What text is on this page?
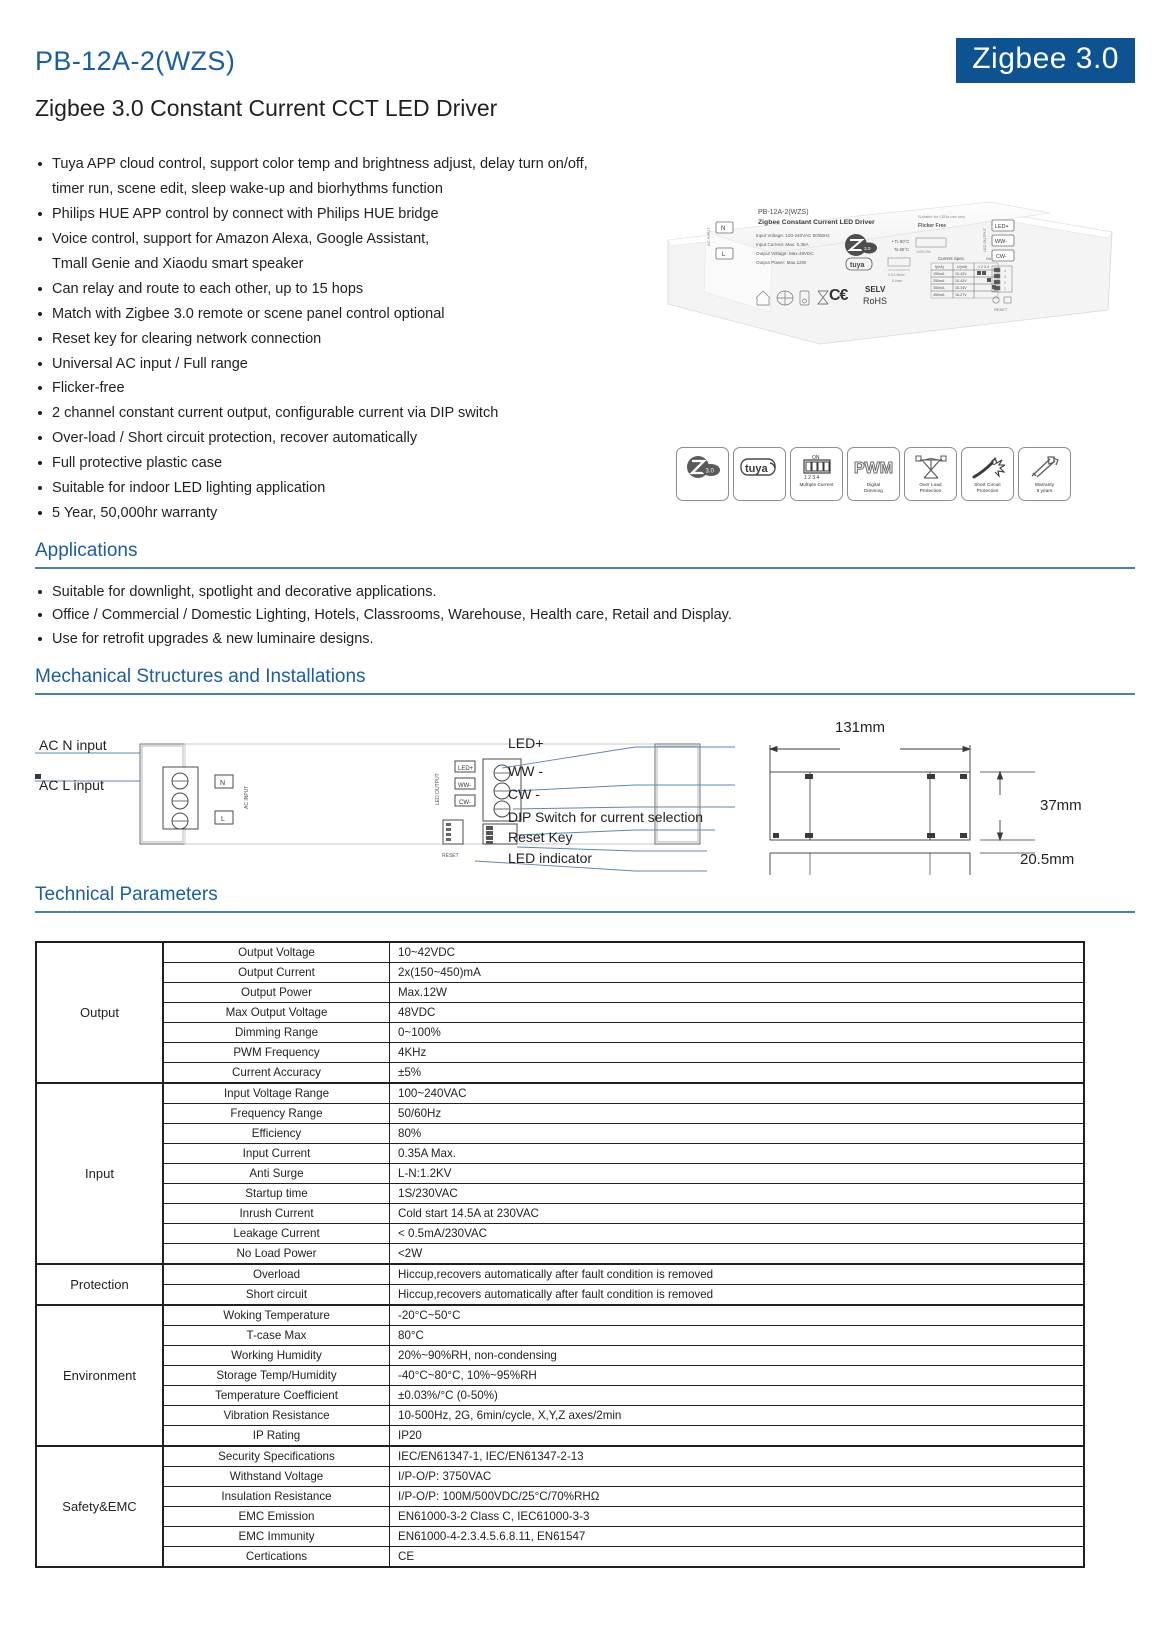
PB-12A-2(WZS)
Zigbee 3.0 Constant Current CCT LED Driver
Zigbee 3.0
Tuya APP cloud control, support color temp and brightness adjust, delay turn on/off,
timer run, scene edit, sleep wake-up and biorhythms function
Philips HUE APP control by connect with Philips HUE bridge
Voice control, support for Amazon Alexa, Google Assistant,
Tmall Genie and Xiaodu smart speaker
Can relay and route to each other, up to 15 hops
Match with Zigbee 3.0 remote or scene panel control optional
Reset key for clearing network connection
Universal AC input / Full range
Flicker-free
2 channel constant current output, configurable current via DIP switch
Over-load / Short circuit protection, recover automatically
Full protective plastic case
Suitable for indoor LED lighting application
5 Year, 50,000hr warranty
PB-12A-2(WZS)
Zigbee Constant Current LED Driver
Input Voltage: 100-240VAC 50/60Hz
Input Current: Max. 0.35A
Output Voltage: Max.48VDC
Output Power: Max.12W
Suitable for LEDs use only
Flicker Free
• Tc 80°C
Ta 50°C
SELV
RoHS
C€
3.0
tuya
0.5-1.5mm²
8.0mm
100%-0%
Current Spec.	On
I(mA)	U(mA)	1 2 3 4
150mA	10-42V
250mA	10-42V
350mA	10-34V
450mA	10-27V
N
L
AC INPUT
LED+
WW-
CW-
LED OUTPUT
4
3
2
1
RESET
3.0	tuya
ON
1 2 3 4
Multiple Current
PWM
Digital
Dimming
Over Load
Protection
Short Circuit
Protection
Warranty
5 years
Applications
Suitable for downlight, spotlight and decorative applications.
Office / Commercial / Domestic Lighting, Hotels, Classrooms, Warehouse, Health care, Retail and Display.
Use for retrofit upgrades & new luminaire designs.
Mechanical Structures and Installations
N
L
LED+
WW-
CW-
LED OUTPUT
AC INPUT
RESET
AC N input
AC L input
LED+
WW -
CW -
DIP Switch for current selection
Reset Key
LED indicator
131mm
37mm
20.5mm
Technical Parameters
Output	Output Voltage	10~42VDC
	Output Current	2x(150~450)mA
	Output Power	Max.12W
	Max Output Voltage	48VDC
	Dimming Range	0~100%
	PWM Frequency	4KHz
	Current Accuracy	±5%
Input	Input Voltage Range	100~240VAC
	Frequency Range	50/60Hz
	Efficiency	80%
	Input Current	0.35A Max.
	Anti Surge	L-N:1.2KV
	Startup time	1S/230VAC
	Inrush Current	Cold start 14.5A at 230VAC
	Leakage Current	< 0.5mA/230VAC
	No Load Power	<2W
Protection	Overload	Hiccup,recovers automatically after fault condition is removed
	Short circuit	Hiccup,recovers automatically after fault condition is removed
Environment	Woking Temperature	-20°C~50°C
	T-case Max	80°C
	Working Humidity	20%~90%RH, non-condensing
	Storage Temp/Humidity	-40°C~80°C, 10%~95%RH
	Temperature Coefficient	±0.03%/°C (0-50%)
	Vibration Resistance	10-500Hz, 2G, 6min/cycle, X,Y,Z axes/2min
	IP Rating	IP20
Safety&EMC	Security Specifications	IEC/EN61347-1, IEC/EN61347-2-13
	Withstand Voltage	I/P-O/P: 3750VAC
	Insulation Resistance	I/P-O/P: 100M/500VDC/25°C/70%RHΩ
	EMC Emission	EN61000-3-2 Class C, IEC61000-3-3
	EMC Immunity	EN61000-4-2.3.4.5.6.8.11, EN61547
	Certications	CE
